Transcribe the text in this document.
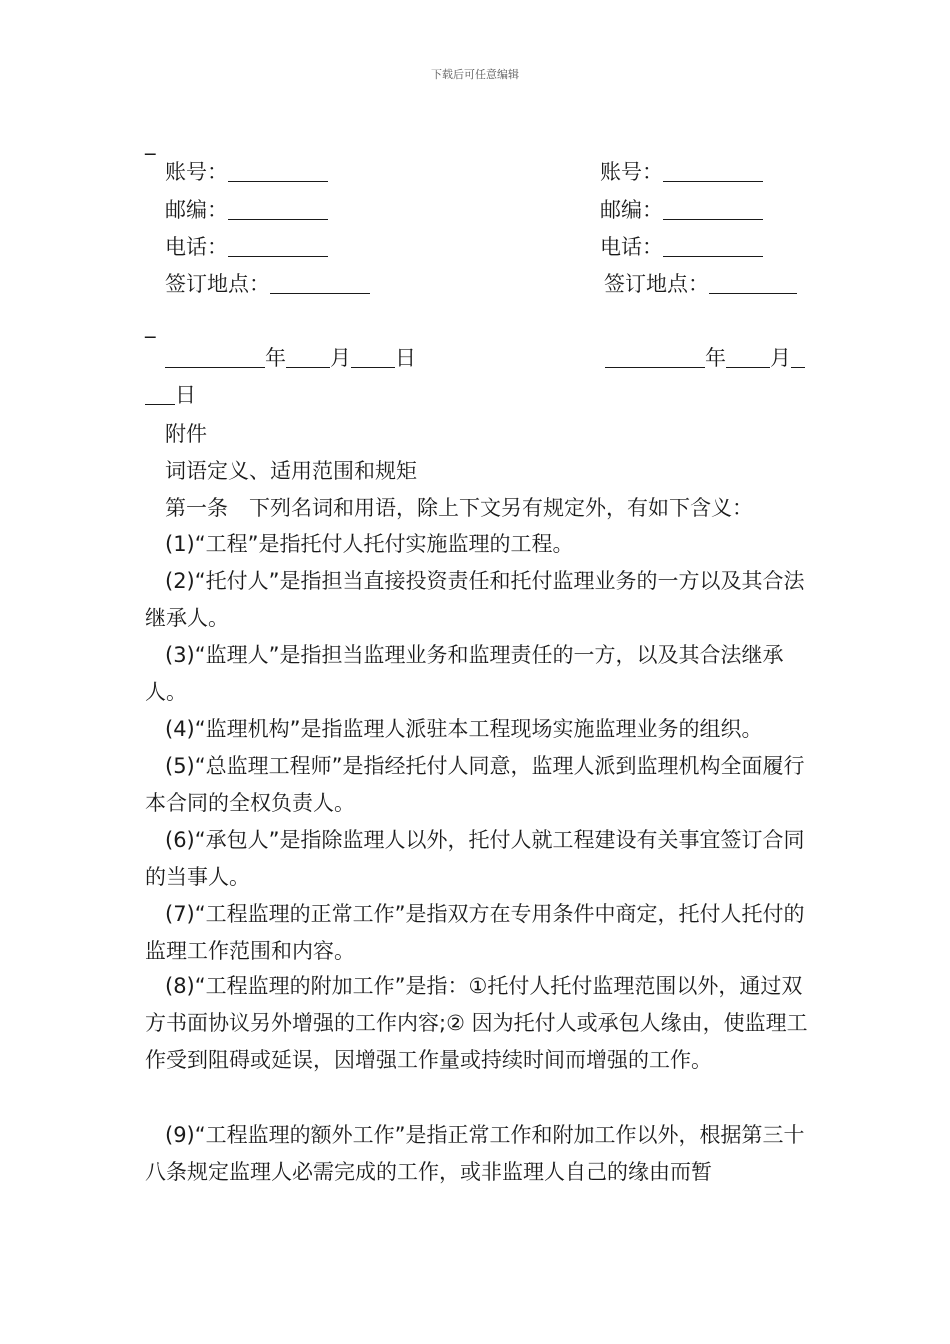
下载后可任意编辑
_
账号：
邮编：
电话：
签订地点：
账号：
邮编：
电话：
签订地点：
_
年 月 日	年 月
日
附件
词语定义、适用范围和规矩
第一条　下列名词和用语，除上下文另有规定外，有如下含义：
(1)“工程”是指托付人托付实施监理的工程。
(2)“托付人”是指担当直接投资责任和托付监理业务的一方以及其合法继承人。
(3)“监理人”是指担当监理业务和监理责任的一方，以及其合法继承人。
(4)“监理机构”是指监理人派驻本工程现场实施监理业务的组织。
(5)“总监理工程师”是指经托付人同意，监理人派到监理机构全面履行本合同的全权负责人。
(6)“承包人”是指除监理人以外，托付人就工程建设有关事宜签订合同的当事人。
(7)“工程监理的正常工作”是指双方在专用条件中商定，托付人托付的监理工作范围和内容。
(8)“工程监理的附加工作”是指：①托付人托付监理范围以外，通过双方书面协议另外增强的工作内容;② 因为托付人或承包人缘由，使监理工作受到阻碍或延误，因增强工作量或持续时间而增强的工作。
(9)“工程监理的额外工作”是指正常工作和附加工作以外，根据第三十八条规定监理人必需完成的工作，或非监理人自己的缘由而暂
